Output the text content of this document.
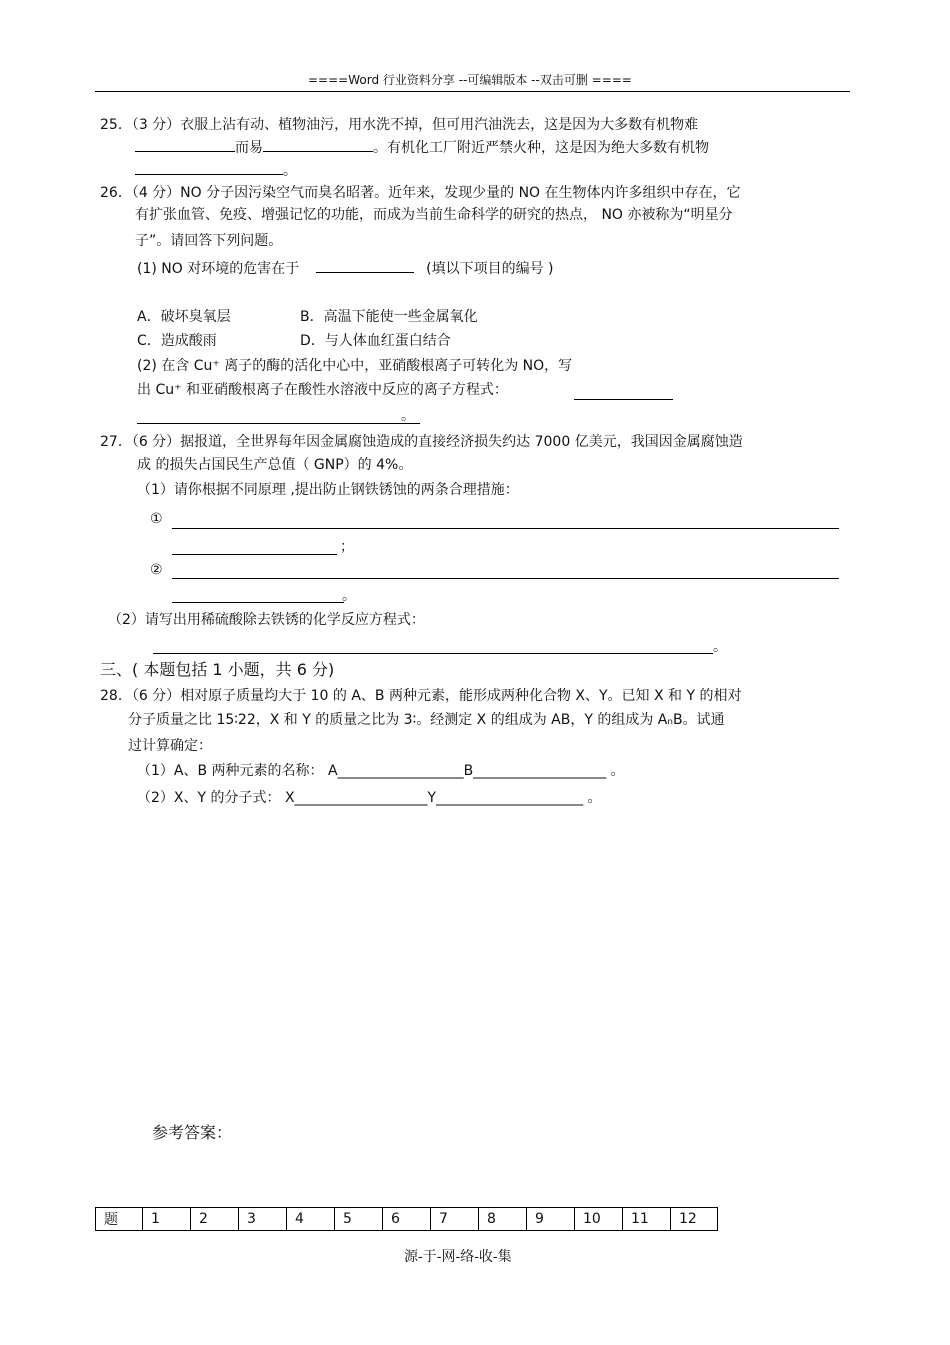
====Word 行业资料分享 --可编辑版本 --双击可删 ====
25．（3 分）衣服上沾有动、植物油污，用水洗不掉，但可用汽油洗去，这是因为大多数有机物难
而易	。有机化工厂附近严禁火种，这是因为绝大多数有机物
。
26．（4 分）NO 分子因污染空气而臭名昭著。近年来，发现少量的 NO 在生物体内许多组织中存在，它
有扩张血管、免疫、增强记忆的功能，而成为当前生命科学的研究的热点， NO 亦被称为“明星分
子”。请回答下列问题。
(1) NO 对环境的危害在于	(填以下项目的编号 )
A．破坏臭氧层	B．高温下能使一些金属氧化
C．造成酸雨	D．与人体血红蛋白结合
(2) 在含 Cu⁺ 离子的酶的活化中心中，亚硝酸根离子可转化为 NO，写
出 Cu⁺ 和亚硝酸根离子在酸性水溶液中反应的离子方程式：
。
27．（6 分）据报道，全世界每年因金属腐蚀造成的直接经济损失约达 7000 亿美元，我国因金属腐蚀造
成 的损失占国民生产总值（ GNP）的 4%。
（1）请你根据不同原理 ,提出防止钢铁锈蚀的两条合理措施：
①
；
②
。
（2）请写出用稀硫酸除去铁锈的化学反应方程式：
。
三、( 本题包括 1 小题，共 6 分)
28．（6 分）相对原子质量均大于 10 的 A、B 两种元素，能形成两种化合物 X、Y。已知 X 和 Y 的相对
分子质量之比 15∶22，X 和 Y 的质量之比为 3∶。经测定 X 的组成为 AB，Y 的组成为 AₙB。试通
过计算确定：
（1）A、B 两种元素的名称： A__________________B___________________ 。
（2）X、Y 的分子式： X___________________Y_____________________ 。
参考答案：
题	1	2	3	4	5	6	7	8	9	10	11	12
源-于-网-络-收-集
